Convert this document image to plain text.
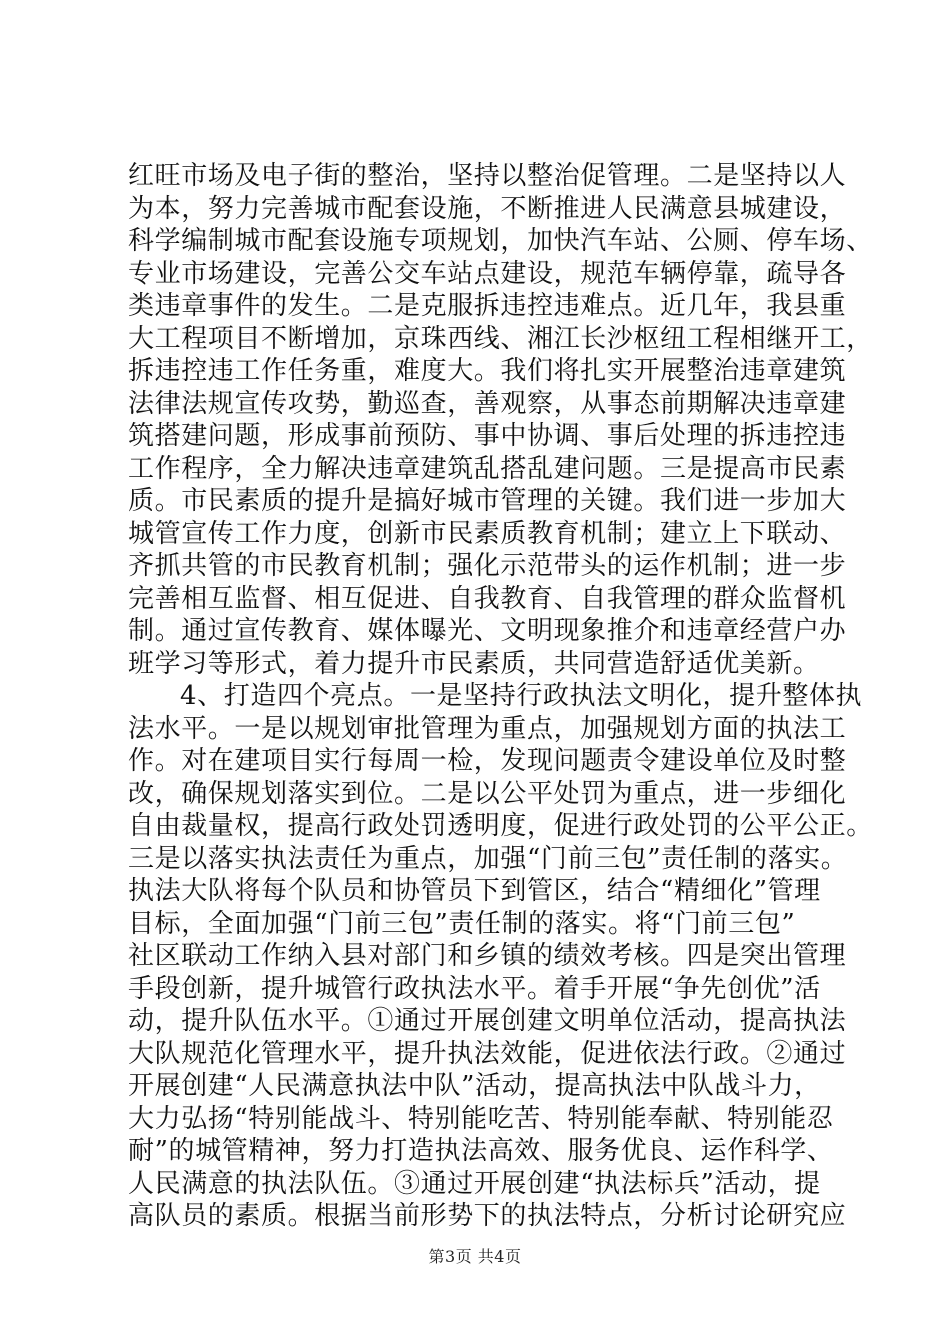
红旺市场及电子街的整治，坚持以整治促管理。二是坚持以人
为本，努力完善城市配套设施，不断推进人民满意县城建设，
科学编制城市配套设施专项规划，加快汽车站、公厕、停车场、
专业市场建设，完善公交车站点建设，规范车辆停靠，疏导各
类违章事件的发生。二是克服拆违控违难点。近几年，我县重
大工程项目不断增加，京珠西线、湘江长沙枢纽工程相继开工，
拆违控违工作任务重，难度大。我们将扎实开展整治违章建筑
法律法规宣传攻势，勤巡查，善观察，从事态前期解决违章建
筑搭建问题，形成事前预防、事中协调、事后处理的拆违控违
工作程序，全力解决违章建筑乱搭乱建问题。三是提高市民素
质。市民素质的提升是搞好城市管理的关键。我们进一步加大
城管宣传工作力度，创新市民素质教育机制；建立上下联动、
齐抓共管的市民教育机制；强化示范带头的运作机制；进一步
完善相互监督、相互促进、自我教育、自我管理的群众监督机
制。通过宣传教育、媒体曝光、文明现象推介和违章经营户办
班学习等形式，着力提升市民素质，共同营造舒适优美新。
4、打造四个亮点。一是坚持行政执法文明化，提升整体执
法水平。一是以规划审批管理为重点，加强规划方面的执法工
作。对在建项目实行每周一检，发现问题责令建设单位及时整
改，确保规划落实到位。二是以公平处罚为重点，进一步细化
自由裁量权，提高行政处罚透明度，促进行政处罚的公平公正。
三是以落实执法责任为重点，加强“门前三包”责任制的落实。
执法大队将每个队员和协管员下到管区，结合“精细化”管理
目标，全面加强“门前三包”责任制的落实。将“门前三包”
社区联动工作纳入县对部门和乡镇的绩效考核。四是突出管理
手段创新，提升城管行政执法水平。着手开展“争先创优”活
动，提升队伍水平。①通过开展创建文明单位活动，提高执法
大队规范化管理水平，提升执法效能，促进依法行政。②通过
开展创建“人民满意执法中队”活动，提高执法中队战斗力，
大力弘扬“特别能战斗、特别能吃苦、特别能奉献、特别能忍
耐”的城管精神，努力打造执法高效、服务优良、运作科学、
人民满意的执法队伍。③通过开展创建“执法标兵”活动，提
高队员的素质。根据当前形势下的执法特点，分析讨论研究应
第3页 共4页
